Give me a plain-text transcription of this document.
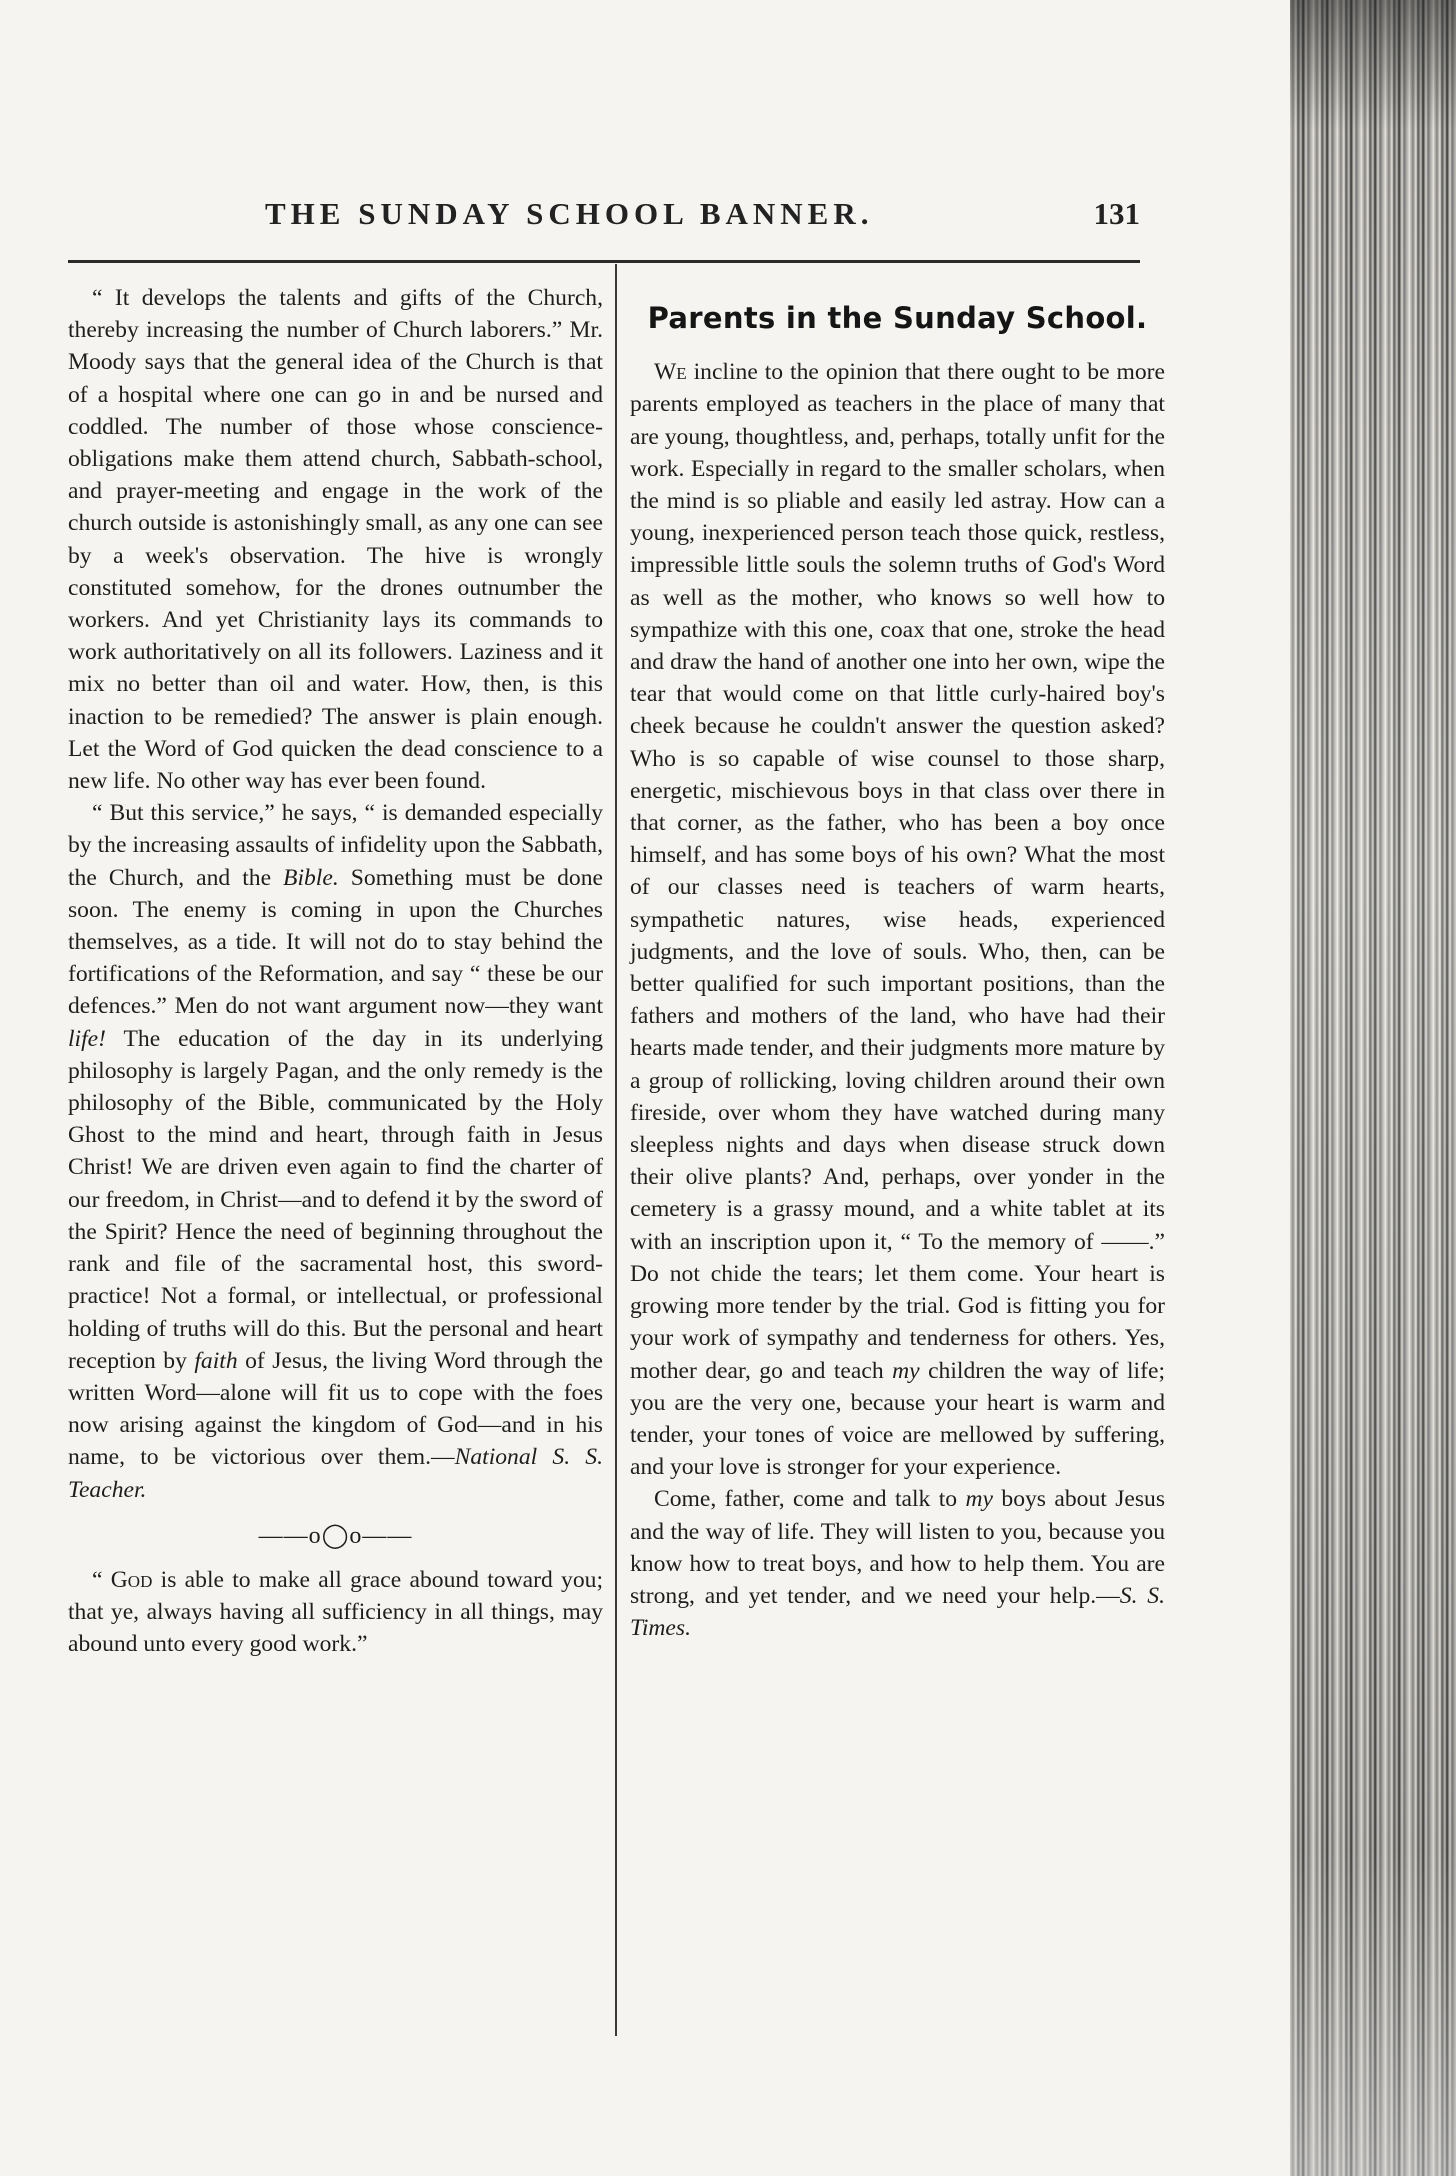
THE SUNDAY SCHOOL BANNER.	131

“ It develops the talents and gifts of the Church, thereby increasing the number of Church laborers.” Mr. Moody says that the general idea of the Church is that of a hospital where one can go in and be nursed and coddled. The number of those whose conscience-obligations make them attend church, Sabbath-school, and prayer-meeting and engage in the work of the church outside is astonishingly small, as any one can see by a week's observation. The hive is wrongly constituted somehow, for the drones outnumber the workers. And yet Christianity lays its commands to work authoritatively on all its followers. Laziness and it mix no better than oil and water. How, then, is this inaction to be remedied? The answer is plain enough. Let the Word of God quicken the dead conscience to a new life. No other way has ever been found.

“ But this service,” he says, “ is demanded especially by the increasing assaults of infidelity upon the Sabbath, the Church, and the Bible. Something must be done soon. The enemy is coming in upon the Churches themselves, as a tide. It will not do to stay behind the fortifications of the Reformation, and say “ these be our defences.” Men do not want argument now—they want life! The education of the day in its underlying philosophy is largely Pagan, and the only remedy is the philosophy of the Bible, communicated by the Holy Ghost to the mind and heart, through faith in Jesus Christ! We are driven even again to find the charter of our freedom, in Christ—and to defend it by the sword of the Spirit? Hence the need of beginning throughout the rank and file of the sacramental host, this sword-practice! Not a formal, or intellectual, or professional holding of truths will do this. But the personal and heart reception by faith of Jesus, the living Word through the written Word—alone will fit us to cope with the foes now arising against the kingdom of God—and in his name, to be victorious over them.—National S. S. Teacher.

——o◯o——

“ God is able to make all grace abound toward you; that ye, always having all sufficiency in all things, may abound unto every good work.”

Parents in the Sunday School.

We incline to the opinion that there ought to be more parents employed as teachers in the place of many that are young, thoughtless, and, perhaps, totally unfit for the work. Especially in regard to the smaller scholars, when the mind is so pliable and easily led astray. How can a young, inexperienced person teach those quick, restless, impressible little souls the solemn truths of God's Word as well as the mother, who knows so well how to sympathize with this one, coax that one, stroke the head and draw the hand of another one into her own, wipe the tear that would come on that little curly-haired boy's cheek because he couldn't answer the question asked? Who is so capable of wise counsel to those sharp, energetic, mischievous boys in that class over there in that corner, as the father, who has been a boy once himself, and has some boys of his own? What the most of our classes need is teachers of warm hearts, sympathetic natures, wise heads, experienced judgments, and the love of souls. Who, then, can be better qualified for such important positions, than the fathers and mothers of the land, who have had their hearts made tender, and their judgments more mature by a group of rollicking, loving children around their own fireside, over whom they have watched during many sleepless nights and days when disease struck down their olive plants? And, perhaps, over yonder in the cemetery is a grassy mound, and a white tablet at its with an inscription upon it, “ To the memory of ——.” Do not chide the tears; let them come. Your heart is growing more tender by the trial. God is fitting you for your work of sympathy and tenderness for others. Yes, mother dear, go and teach my children the way of life; you are the very one, because your heart is warm and tender, your tones of voice are mellowed by suffering, and your love is stronger for your experience.

Come, father, come and talk to my boys about Jesus and the way of life. They will listen to you, because you know how to treat boys, and how to help them. You are strong, and yet tender, and we need your help.—S. S. Times.
